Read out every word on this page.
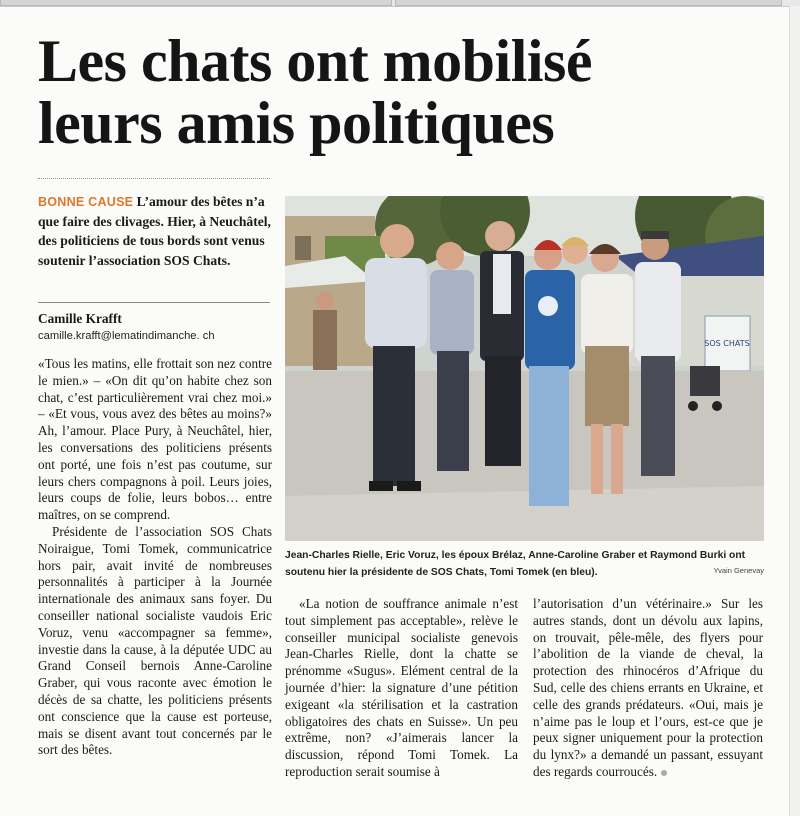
Les chats ont mobilisé
leurs amis politiques
BONNE CAUSE L’amour des bêtes n’a que faire des clivages. Hier, à Neuchâtel, des politiciens de tous bords sont venus soutenir l’association SOS Chats.
Camille Krafft
camille.krafft@lematindimanche. ch

«Tous les matins, elle frottait son nez contre le mien.» – «On dit qu’on habite chez son chat, c’est particulièrement vrai chez moi.» – «Et vous, vous avez des bêtes au moins?» Ah, l’amour. Place Pury, à Neuchâtel, hier, les conversations des politiciens présents ont porté, une fois n’est pas coutume, sur leurs chers compagnons à poil. Leurs joies, leurs coups de folie, leurs bobos… entre maîtres, on se comprend.

Présidente de l’association SOS Chats Noiraigue, Tomi Tomek, communicatrice hors pair, avait invité de nombreuses personnalités à participer à la Journée internationale des animaux sans foyer. Du conseiller national socialiste vaudois Eric Voruz, venu «accompagner sa femme», investie dans la cause, à la députée UDC au Grand Conseil bernois Anne-Caroline Graber, qui vous raconte avec émotion le décès de sa chatte, les politiciens présents ont conscience que la cause est porteuse, mais se disent avant tout concernés par le sort des bêtes.

SOS CHATS
Jean-Charles Rielle, Eric Voruz, les époux Brélaz, Anne-Caroline Graber et Raymond Burki ont soutenu hier la présidente de SOS Chats, Tomi Tomek (en bleu).	Yvain Genevay

«La notion de souffrance animale n’est tout simplement pas acceptable», relève le conseiller municipal socialiste genevois Jean-Charles Rielle, dont la chatte se prénomme «Sugus». Elément central de la journée d’hier: la signature d’une pétition exigeant «la stérilisation et la castration obligatoires des chats en Suisse». Un peu extrême, non? «J’aimerais lancer la discussion, répond Tomi Tomek. La reproduction serait soumise à

l’autorisation d’un vétérinaire.» Sur les autres stands, dont un dévolu aux lapins, on trouvait, pêle-mêle, des flyers pour l’abolition de la viande de cheval, la protection des rhinocéros d’Afrique du Sud, celle des chiens errants en Ukraine, et celle des grands prédateurs. «Oui, mais je n’aime pas le loup et l’ours, est-ce que je peux signer uniquement pour la protection du lynx?» a demandé un passant, essuyant des regards courroucés.
